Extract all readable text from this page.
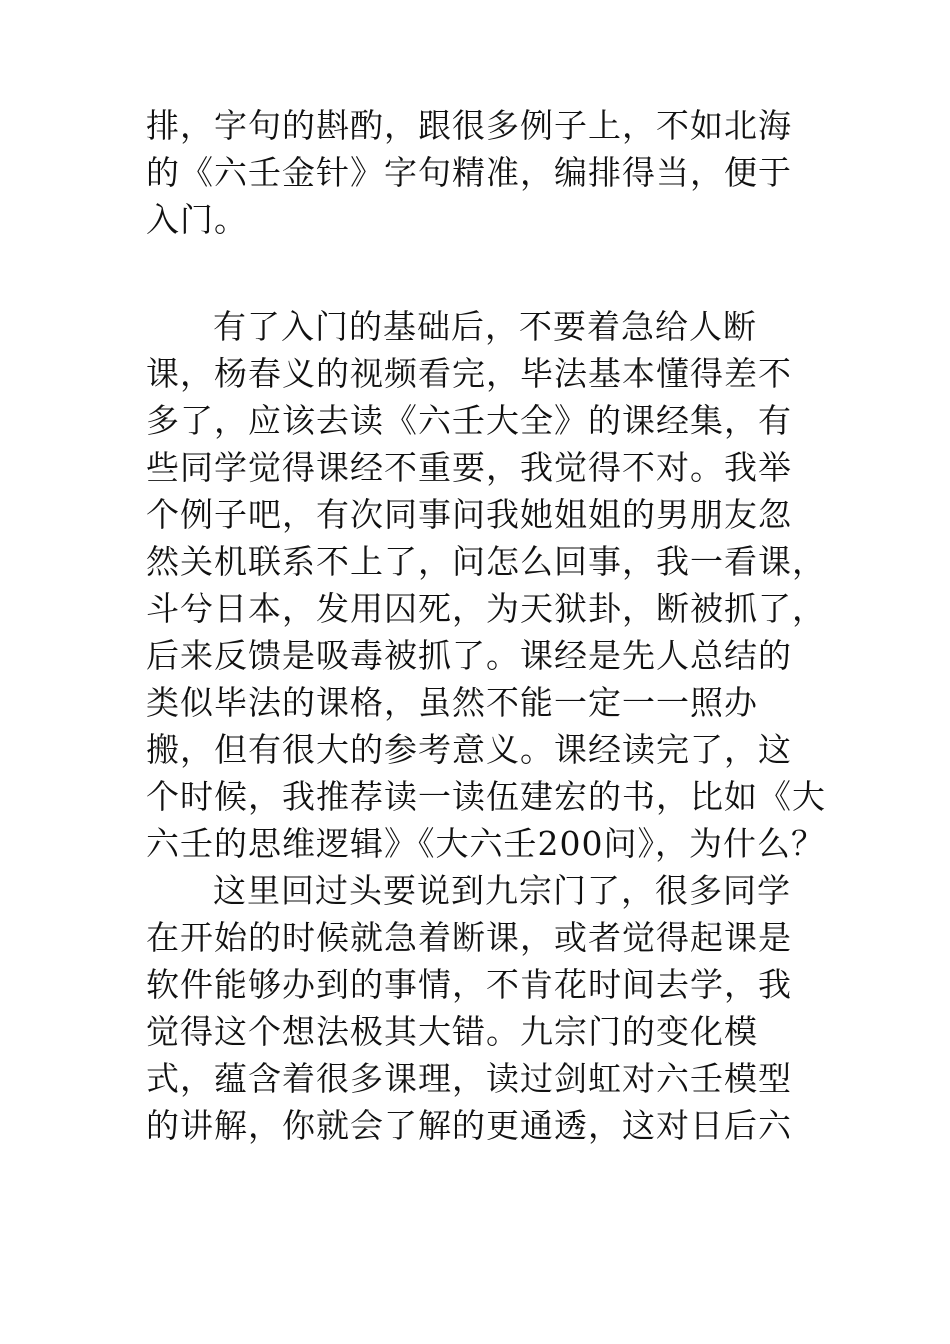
排，字句的斟酌，跟很多例子上，不如北海
的《六壬金针》字句精准，编排得当，便于
入门。
有了入门的基础后，不要着急给人断
课，杨春义的视频看完，毕法基本懂得差不
多了，应该去读《六壬大全》的课经集，有
些同学觉得课经不重要，我觉得不对。我举
个例子吧，有次同事问我她姐姐的男朋友忽
然关机联系不上了，问怎么回事，我一看课，
斗兮日本，发用囚死，为天狱卦，断被抓了，
后来反馈是吸毒被抓了。课经是先人总结的
类似毕法的课格，虽然不能一定一一照办
搬，但有很大的参考意义。课经读完了，这
个时候，我推荐读一读伍建宏的书，比如《大
六壬的思维逻辑》《大六壬200问》，为什么？
这里回过头要说到九宗门了，很多同学
在开始的时候就急着断课，或者觉得起课是
软件能够办到的事情，不肯花时间去学，我
觉得这个想法极其大错。九宗门的变化模
式，蕴含着很多课理，读过剑虹对六壬模型
的讲解，你就会了解的更通透，这对日后六
